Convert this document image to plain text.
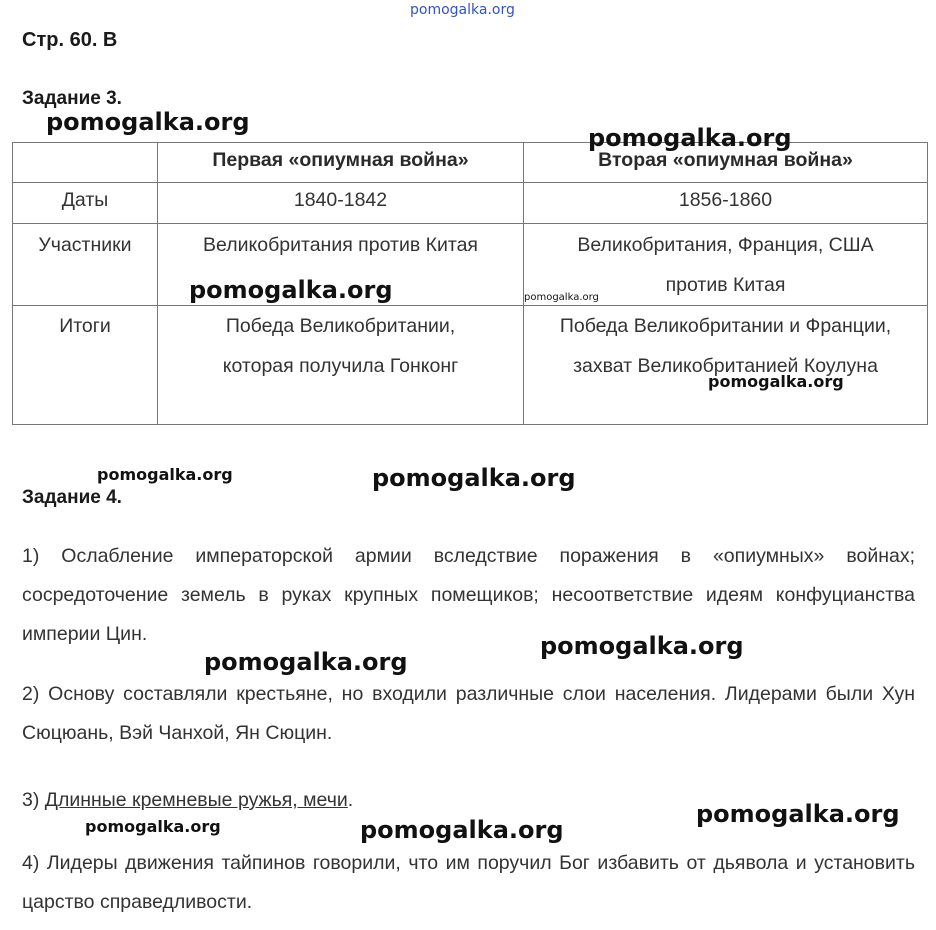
Стр. 60. В
Задание 3.
	Первая «опиумная война»	Вторая «опиумная война»
Даты	1840-1842	1856-1860
Участники	Великобритания против Китая	Великобритания, Франция, США против Китая
Итоги	Победа Великобритании, которая получила Гонконг	Победа Великобритании и Франции, захват Великобританией Коулуна
Задание 4.
1) Ослабление императорской армии вследствие поражения в «опиумных» войнах; сосредоточение земель в руках крупных помещиков; несоответствие идеям конфуцианства империи Цин.
2) Основу составляли крестьяне, но входили различные слои населения. Лидерами были Хун Сюцюань, Вэй Чанхой, Ян Сюцин.
3) Длинные кремневые ружья, мечи.
4) Лидеры движения тайпинов говорили, что им поручил Бог избавить от дьявола и установить царство справедливости.
pomogalka.org
pomogalka.org
pomogalka.org
pomogalka.org	pomogalka.org
pomogalka.org
pomogalka.org	pomogalka.org
pomogalka.org
pomogalka.org
pomogalka.org
pomogalka.org	pomogalka.org
